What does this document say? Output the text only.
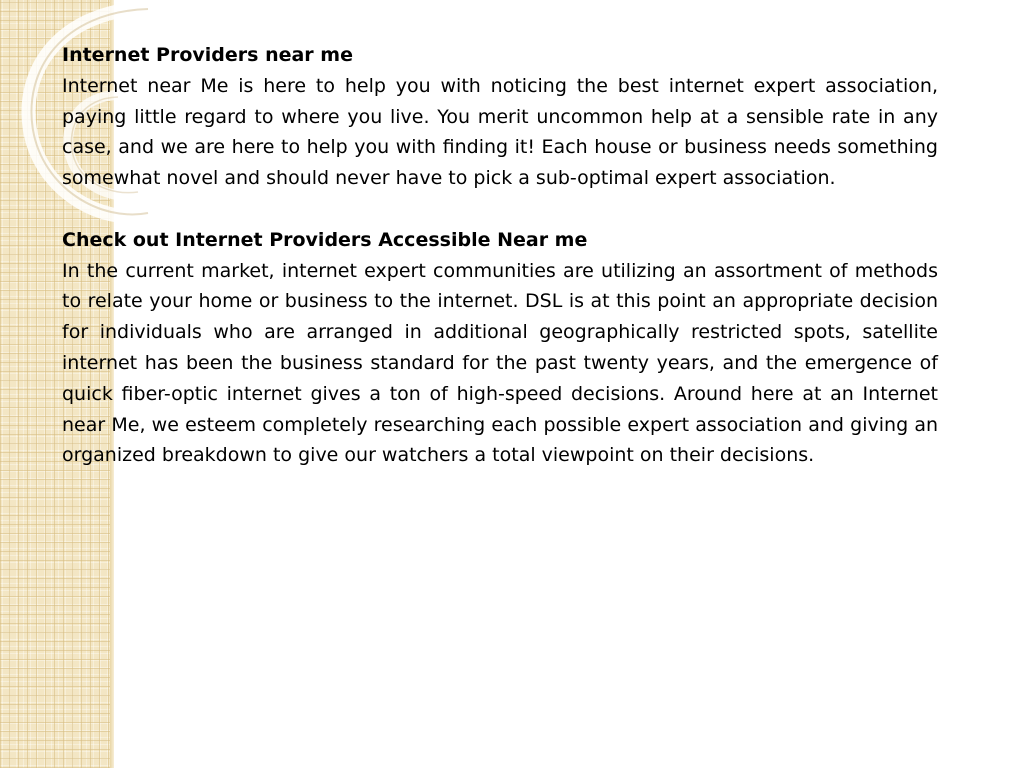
Internet Providers near me

Internet near Me is here to help you with noticing the best internet expert association, paying little regard to where you live. You merit uncommon help at a sensible rate in any case, and we are here to help you with finding it! Each house or business needs something somewhat novel and should never have to pick a sub-optimal expert association.

Check out Internet Providers Accessible Near me

In the current market, internet expert communities are utilizing an assortment of methods to relate your home or business to the internet. DSL is at this point an appropriate decision for individuals who are arranged in additional geographically restricted spots, satellite internet has been the business standard for the past twenty years, and the emergence of quick fiber-optic internet gives a ton of high-speed decisions. Around here at an Internet near Me, we esteem completely researching each possible expert association and giving an organized breakdown to give our watchers a total viewpoint on their decisions.
